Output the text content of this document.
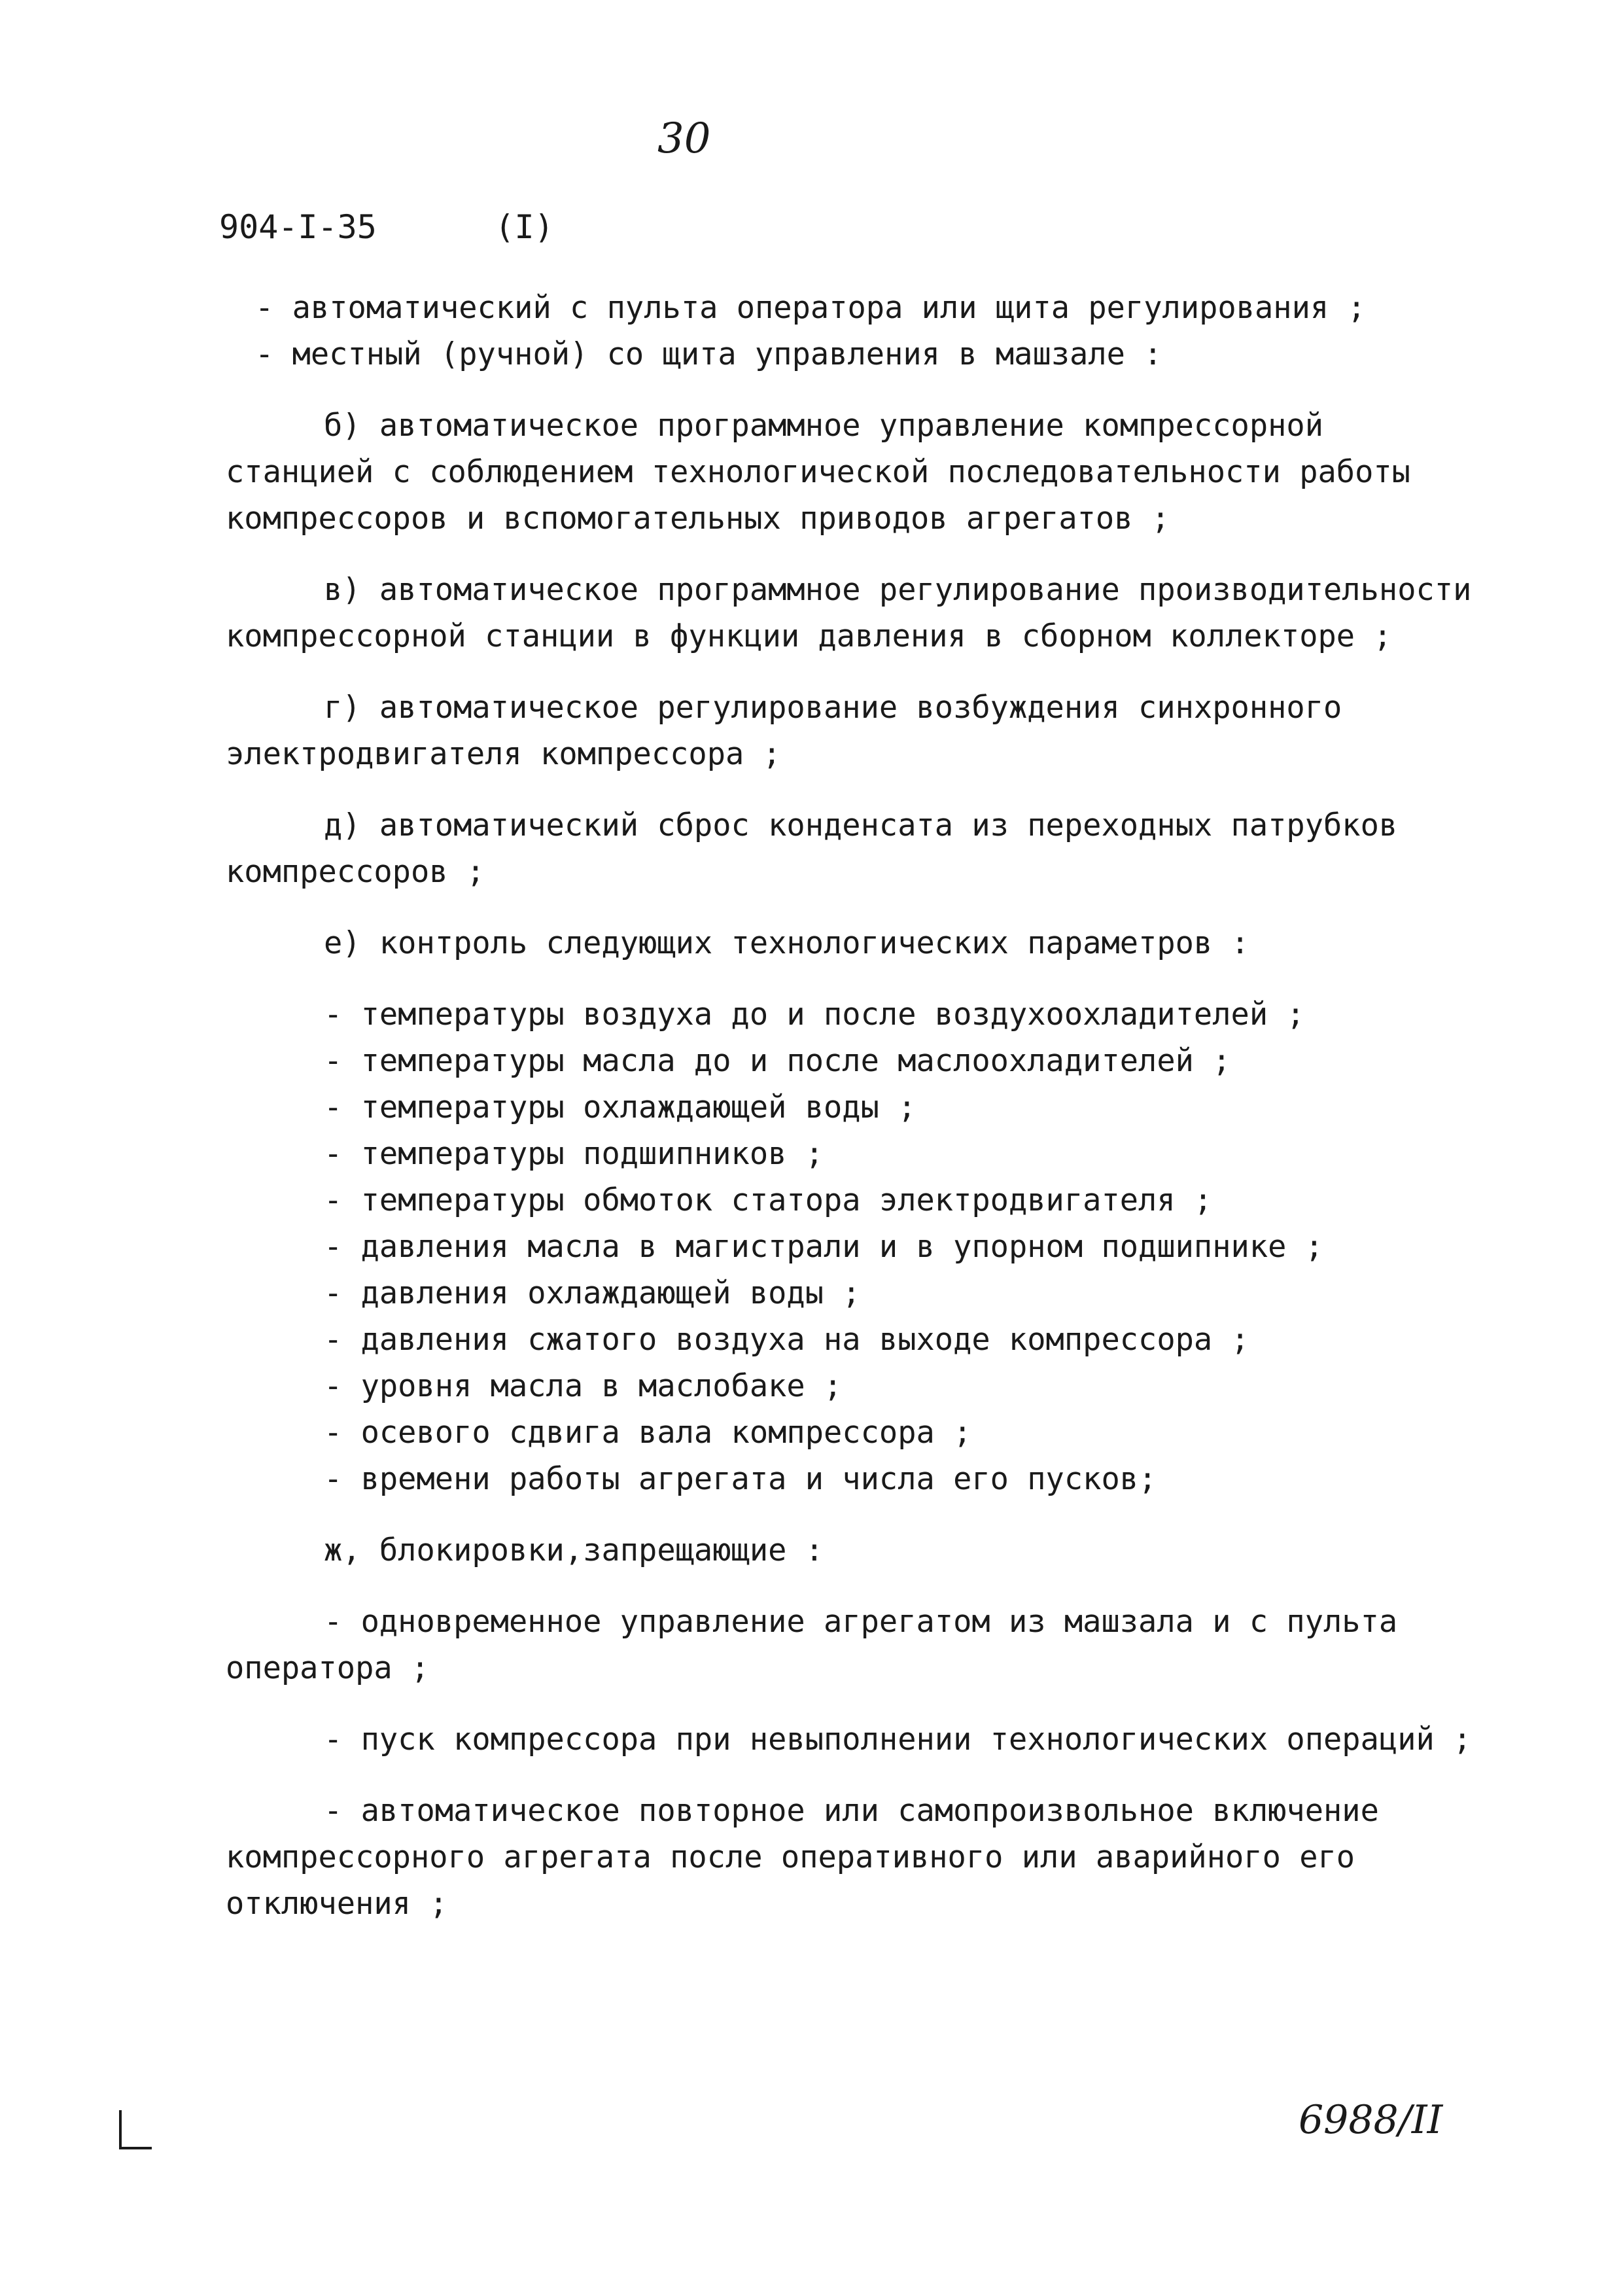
30
904-I-35      (I)
- автоматический с пульта оператора или щита регулирования ;
- местный (ручной) со щита управления в машзале :

б) автоматическое программное управление компрессорной станцией с соблюдением технологической последовательности работы компрессоров и вспомогательных приводов агрегатов ;

в) автоматическое программное регулирование производительности компрессорной станции в функции давления в сборном коллекторе ;

г) автоматическое регулирование возбуждения синхронного электродвигателя компрессора ;

д) автоматический сброс конденсата из переходных патрубков компрессоров ;

е) контроль следующих технологических параметров :

- температуры воздуха до и после воздухоохладителей ;
- температуры масла до и после маслоохладителей ;
- температуры охлаждающей воды ;
- температуры подшипников ;
- температуры обмоток статора электродвигателя ;
- давления масла в магистрали и в упорном подшипнике ;
- давления охлаждающей воды ;
- давления сжатого воздуха на выходе компрессора ;
- уровня масла в маслобаке ;
- осевого сдвига вала компрессора ;
- времени работы агрегата и числа его пусков;

ж, блокировки,запрещающие :

- одновременное управление агрегатом из машзала и с пульта оператора ;

- пуск компрессора при невыполнении технологических операций ;

- автоматическое повторное или самопроизвольное включение компрессорного агрегата после оперативного или аварийного его отключения ;

6988/II
